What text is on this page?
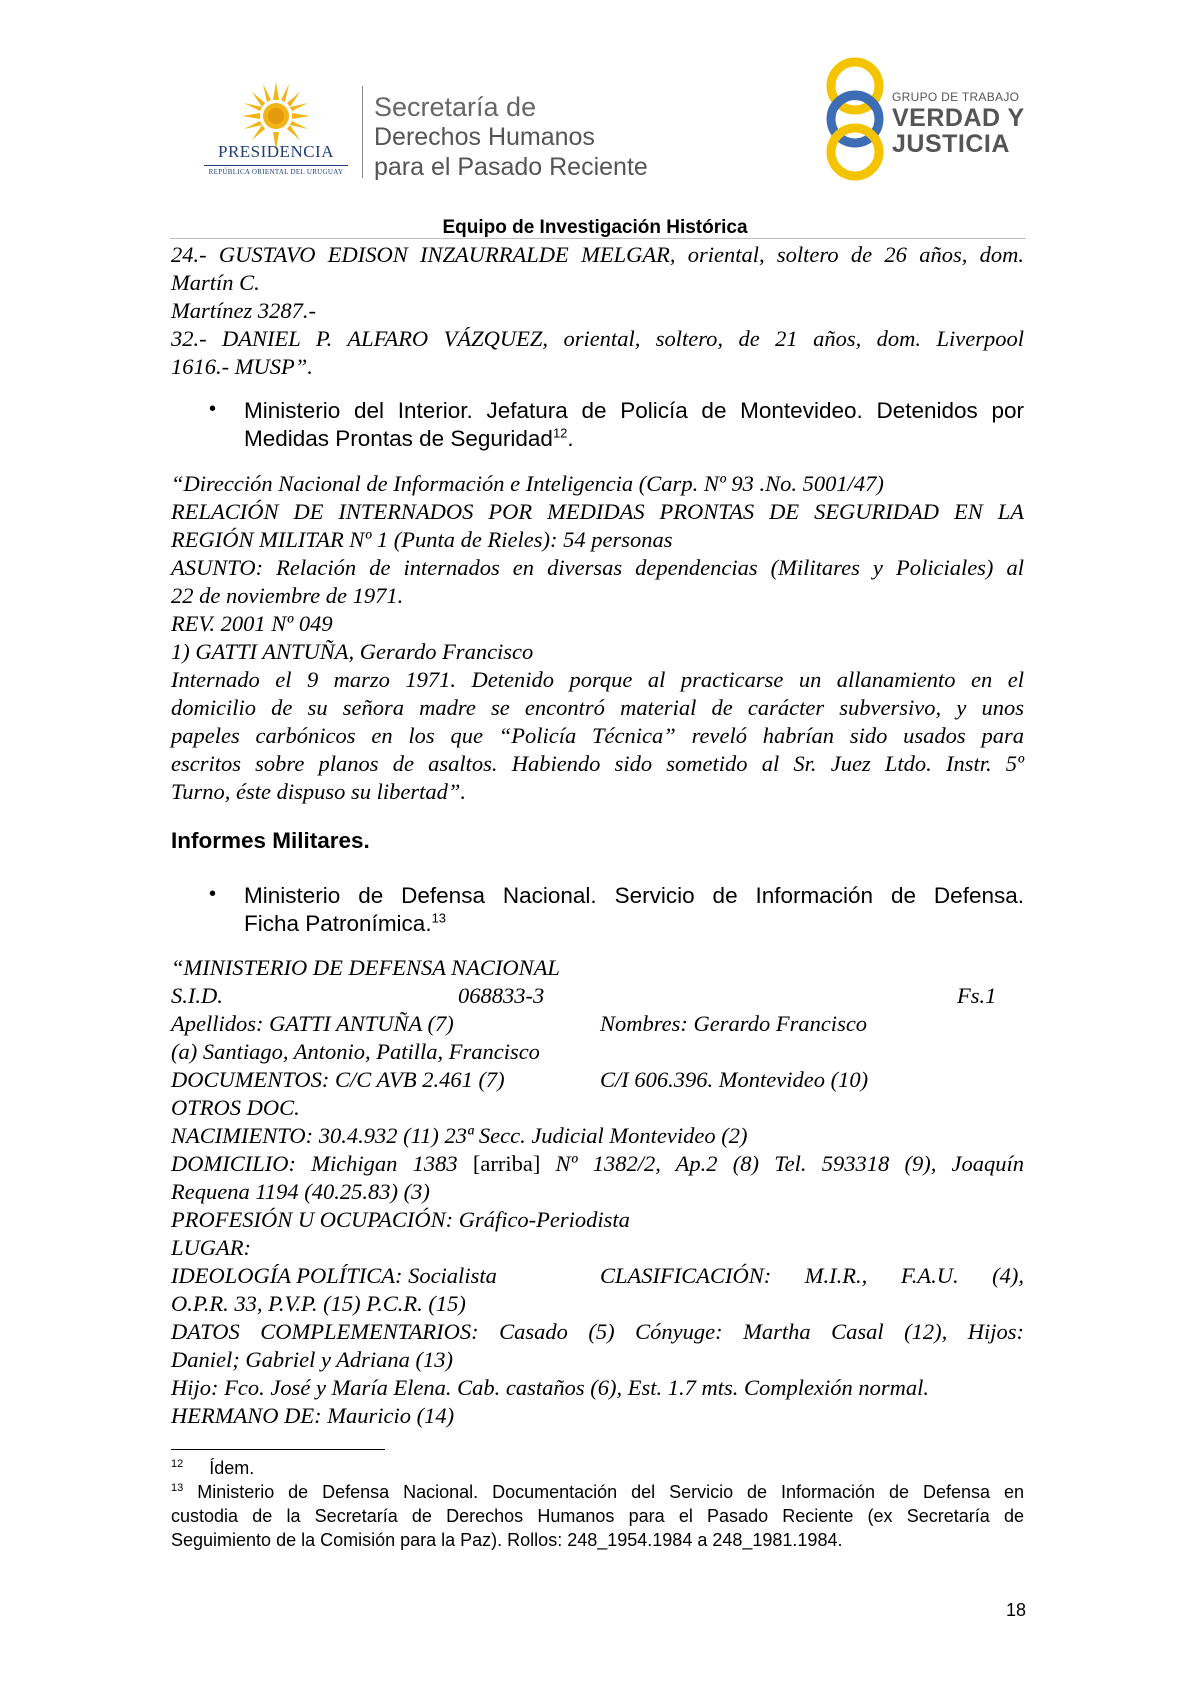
PRESIDENCIA
REPÚBLICA ORIENTAL DEL URUGUAY
Secretaría de
Derechos Humanos
para el Pasado Reciente
GRUPO DE TRABAJO
VERDAD Y
JUSTICIA
Equipo de Investigación Histórica
24.- GUSTAVO EDISON INZAURRALDE MELGAR, oriental, soltero de 26 años, dom.
Martín C.
Martínez 3287.-
32.- DANIEL P. ALFARO VÁZQUEZ, oriental, soltero, de 21 años, dom. Liverpool
1616.- MUSP”.
• Ministerio del Interior. Jefatura de Policía de Montevideo. Detenidos por
Medidas Prontas de Seguridad$^{12}$.
“Dirección Nacional de Información e Inteligencia (Carp. Nº 93 .No. 5001/47)
RELACIÓN DE INTERNADOS POR MEDIDAS PRONTAS DE SEGURIDAD EN LA
REGIÓN MILITAR Nº 1 (Punta de Rieles): 54 personas
ASUNTO: Relación de internados en diversas dependencias (Militares y Policiales) al
22 de noviembre de 1971.
REV. 2001 Nº 049
1) GATTI ANTUÑA, Gerardo Francisco
Internado el 9 marzo 1971. Detenido porque al practicarse un allanamiento en el
domicilio de su señora madre se encontró material de carácter subversivo, y unos
papeles carbónicos en los que “Policía Técnica” reveló habrían sido usados para
escritos sobre planos de asaltos. Habiendo sido sometido al Sr. Juez Ltdo. Instr. 5º
Turno, éste dispuso su libertad”.
Informes Militares.
• Ministerio de Defensa Nacional. Servicio de Información de Defensa.
Ficha Patronímica.$^{13}$
“MINISTERIO DE DEFENSA NACIONAL
S.I.D.	068833-3	Fs.1
Apellidos: GATTI ANTUÑA (7)	Nombres: Gerardo Francisco
(a) Santiago, Antonio, Patilla, Francisco
DOCUMENTOS: C/C AVB 2.461 (7)	C/I 606.396. Montevideo (10)
OTROS DOC.
NACIMIENTO: 30.4.932 (11) 23ª Secc. Judicial Montevideo (2)
DOMICILIO: Michigan 1383 [arriba] Nº 1382/2, Ap.2 (8) Tel. 593318 (9), Joaquín
Requena 1194 (40.25.83) (3)
PROFESIÓN U OCUPACIÓN: Gráfico-Periodista
LUGAR:
IDEOLOGÍA POLÍTICA: Socialista	CLASIFICACIÓN: M.I.R., F.A.U. (4),
O.P.R. 33, P.V.P. (15) P.C.R. (15)
DATOS COMPLEMENTARIOS: Casado (5) Cónyuge: Martha Casal (12), Hijos:
Daniel; Gabriel y Adriana (13)
Hijo: Fco. José y María Elena. Cab. castaños (6), Est. 1.7 mts. Complexión normal.
HERMANO DE: Mauricio (14)
$^{12}$ Ídem.
$^{13}$ Ministerio de Defensa Nacional. Documentación del Servicio de Información de Defensa en
custodia de la Secretaría de Derechos Humanos para el Pasado Reciente (ex Secretaría de
Seguimiento de la Comisión para la Paz). Rollos: 248_1954.1984 a 248_1981.1984.
18
